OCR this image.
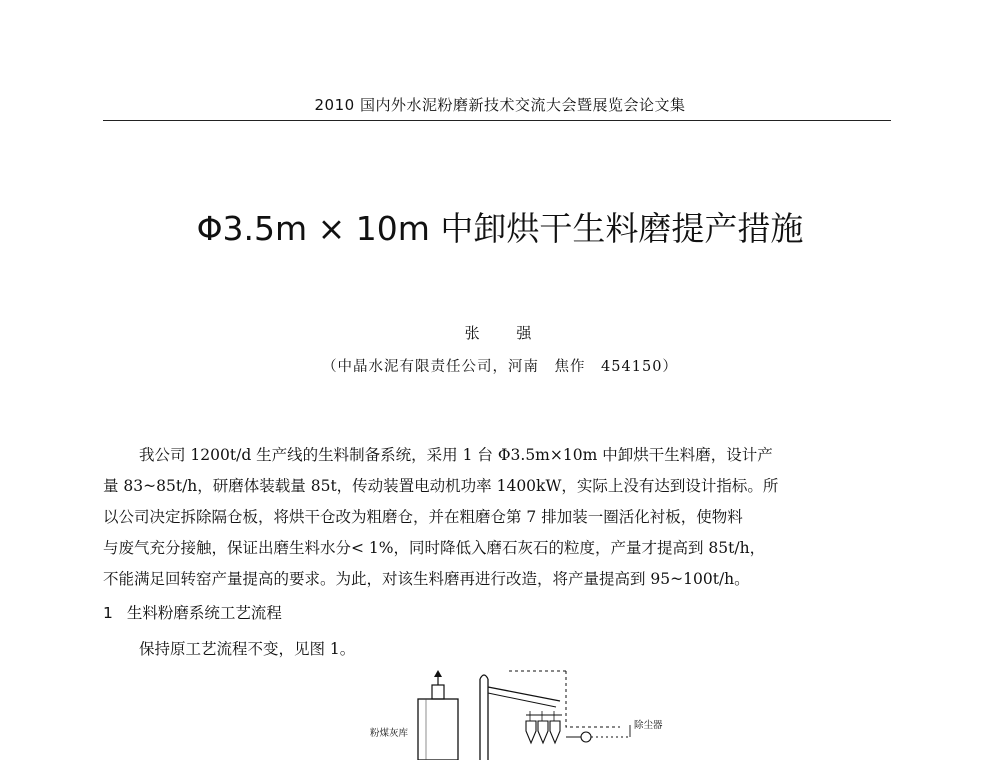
2010 国内外水泥粉磨新技术交流大会暨展览会论文集
Φ3.5m × 10m 中卸烘干生料磨提产措施
张 强
（中晶水泥有限责任公司，河南　焦作　454150）
我公司 1200t/d 生产线的生料制备系统，采用 1 台 Φ3.5m×10m 中卸烘干生料磨，设计产
量 83~85t/h，研磨体装载量 85t，传动装置电动机功率 1400kW，实际上没有达到设计指标。所
以公司决定拆除隔仓板，将烘干仓改为粗磨仓，并在粗磨仓第 7 排加装一圈活化衬板，使物料
与废气充分接触，保证出磨生料水分< 1%，同时降低入磨石灰石的粒度，产量才提高到 85t/h，
不能满足回转窑产量提高的要求。为此，对该生料磨再进行改造，将产量提高到 95~100t/h。
1 生料粉磨系统工艺流程
保持原工艺流程不变，见图 1。
粉煤灰库
除尘器
